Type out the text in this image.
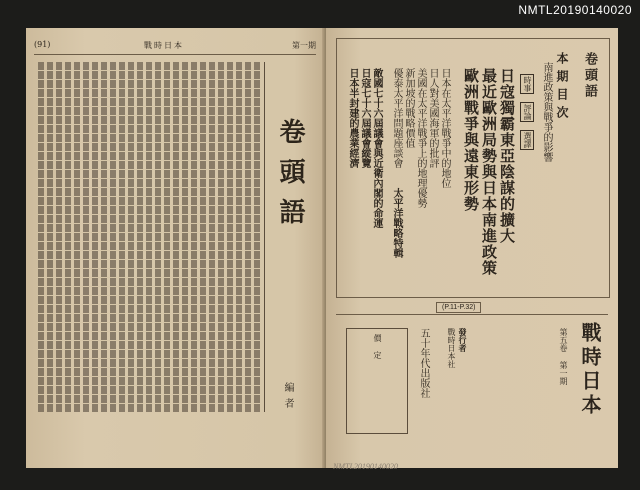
NMTL20190140020
(91)	戰時日本	第一期
卷頭語
編者
卷頭語
本期目次
南進政策與戰爭的影響
時事
評論
選譯
日寇獨霸東亞陰謀的擴大
最近歐洲局勢與日本南進政策
歐洲戰爭與遠東形勢
日本在太平洋戰爭中的地位
日人對美國海軍的批評
美國在太平洋戰爭上的地理優勢
新加坡的戰略價值
優泰太平洋問題座談會
太平洋戰略特輯
敵國七十六屆議會與近衛內閣的命運
日寇七十六屆議會縱覽
日本半封建的農業經濟
(P.11-P.32)
戰時日本
第五卷 第一期
發行者
戰時日本社
五十年代出版社
價 定
NMTL20190140020
